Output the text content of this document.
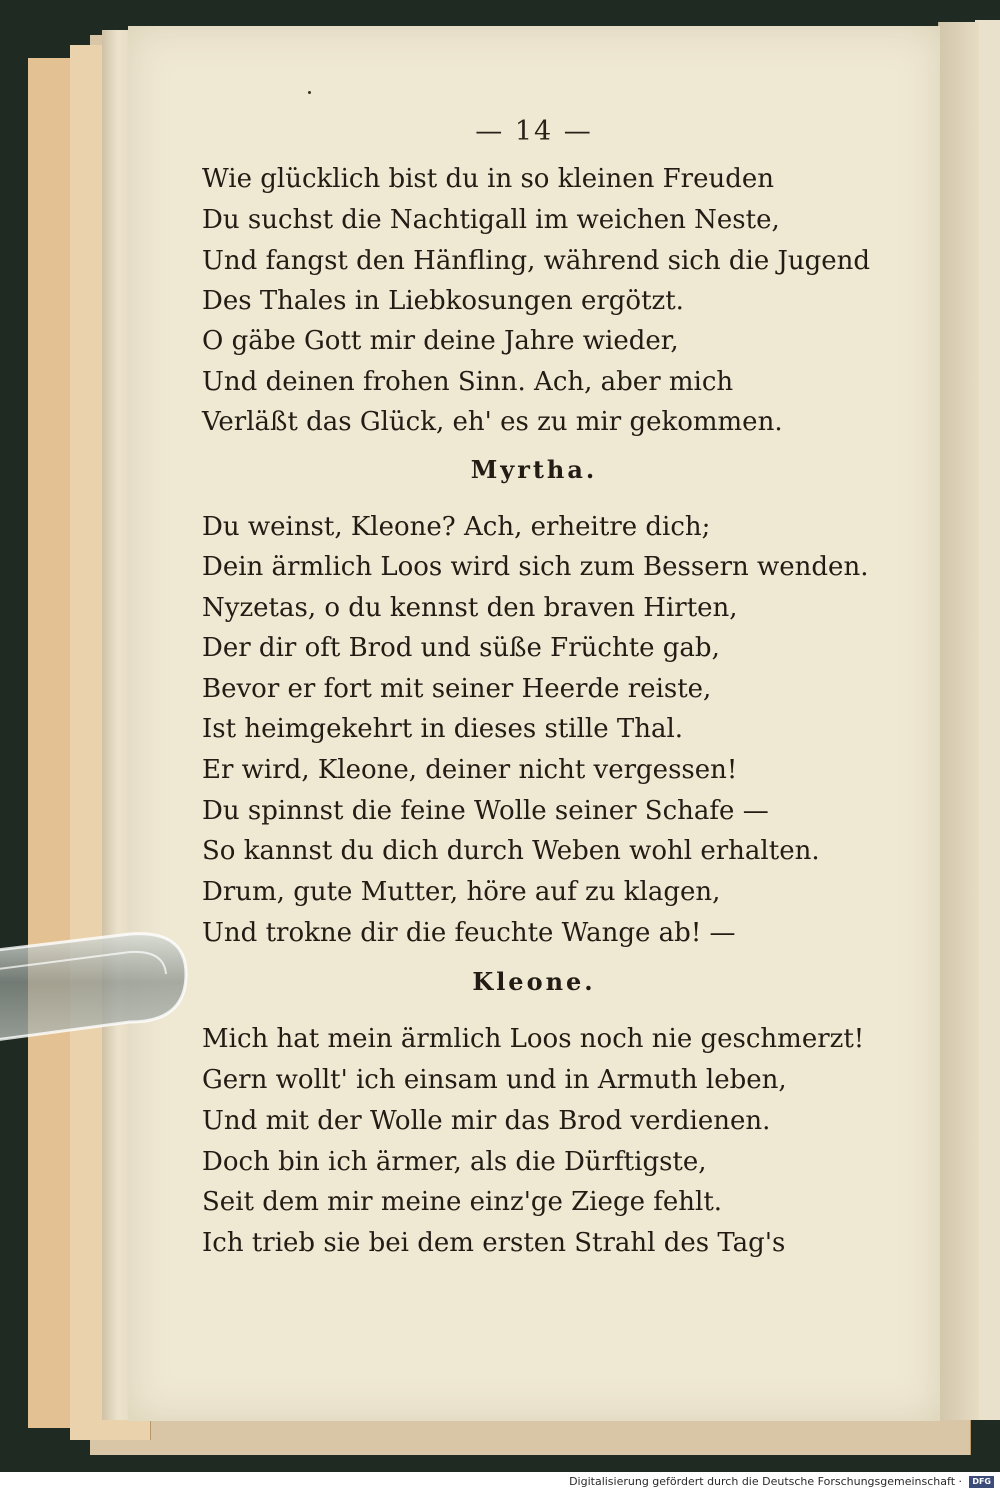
— 14 —
Wie glücklich bist du in so kleinen Freuden
Du suchst die Nachtigall im weichen Neste,
Und fangst den Hänfling, während sich die Jugend
Des Thales in Liebkosungen ergötzt.
O gäbe Gott mir deine Jahre wieder,
Und deinen frohen Sinn. Ach, aber mich
Verläßt das Glück, eh' es zu mir gekommen.
Myrtha.
Du weinst, Kleone? Ach, erheitre dich;
Dein ärmlich Loos wird sich zum Bessern wenden.
Nyzetas, o du kennst den braven Hirten,
Der dir oft Brod und süße Früchte gab,
Bevor er fort mit seiner Heerde reiste,
Ist heimgekehrt in dieses stille Thal.
Er wird, Kleone, deiner nicht vergessen!
Du spinnst die feine Wolle seiner Schafe —
So kannst du dich durch Weben wohl erhalten.
Drum, gute Mutter, höre auf zu klagen,
Und trokne dir die feuchte Wange ab! —
Kleone.
Mich hat mein ärmlich Loos noch nie geschmerzt!
Gern wollt' ich einsam und in Armuth leben,
Und mit der Wolle mir das Brod verdienen.
Doch bin ich ärmer, als die Dürftigste,
Seit dem mir meine einz'ge Ziege fehlt.
Ich trieb sie bei dem ersten Strahl des Tag's
Digitalisierung gefördert durch die Deutsche Forschungsgemeinschaft ·	DFG
